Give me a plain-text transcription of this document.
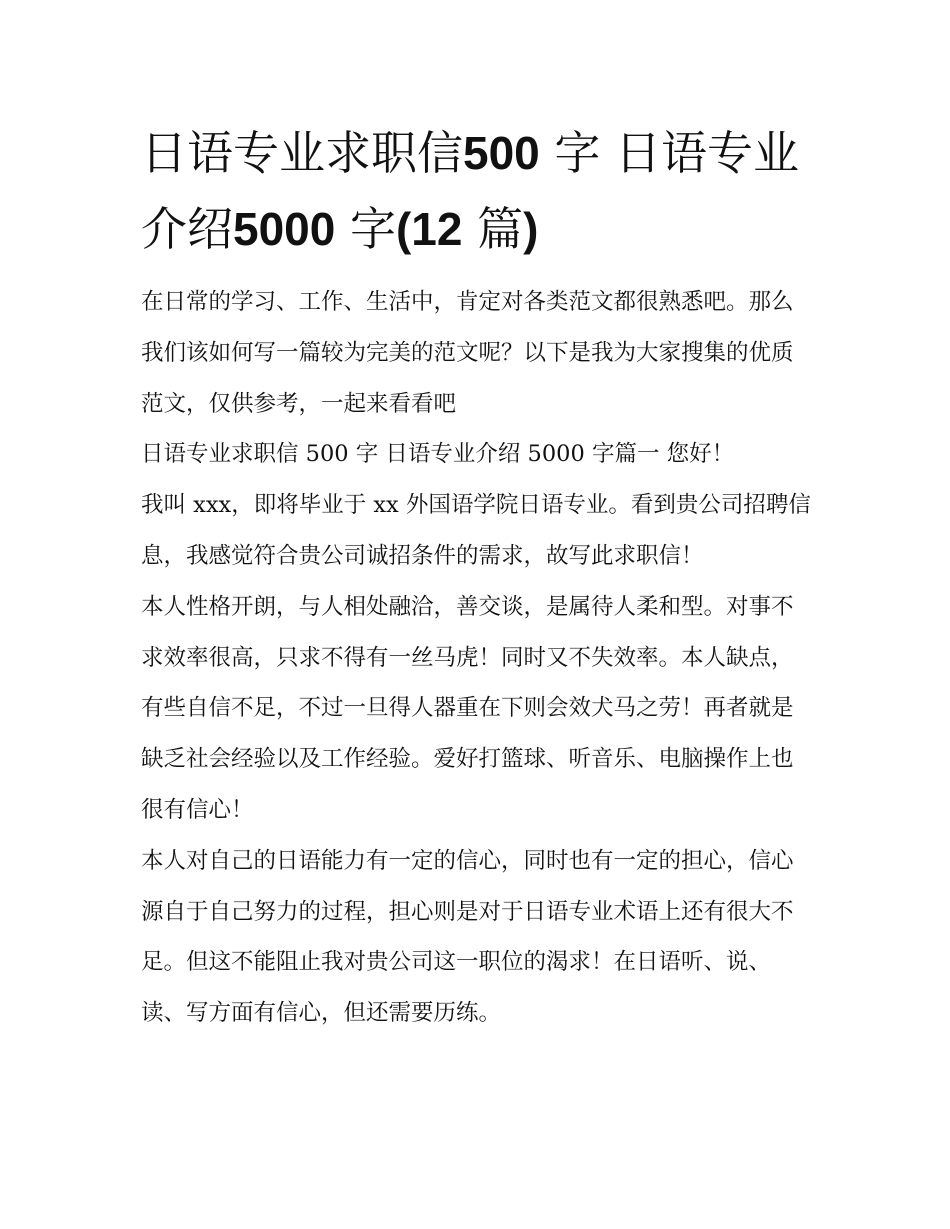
日语专业求职信500 字 日语专业介绍5000 字(12 篇)

在日常的学习、工作、生活中，肯定对各类范文都很熟悉吧。那么我们该如何写一篇较为完美的范文呢？以下是我为大家搜集的优质范文，仅供参考，一起来看看吧

日语专业求职信 500 字 日语专业介绍 5000 字篇一 您好！

我叫 xxx，即将毕业于 xx 外国语学院日语专业。看到贵公司招聘信息，我感觉符合贵公司诚招条件的需求，故写此求职信！

本人性格开朗，与人相处融洽，善交谈，是属待人柔和型。对事不求效率很高，只求不得有一丝马虎！同时又不失效率。本人缺点，有些自信不足，不过一旦得人器重在下则会效犬马之劳！再者就是缺乏社会经验以及工作经验。爱好打篮球、听音乐、电脑操作上也很有信心！

本人对自己的日语能力有一定的信心，同时也有一定的担心，信心源自于自己努力的过程，担心则是对于日语专业术语上还有很大不足。但这不能阻止我对贵公司这一职位的渴求！在日语听、说、读、写方面有信心，但还需要历练。
